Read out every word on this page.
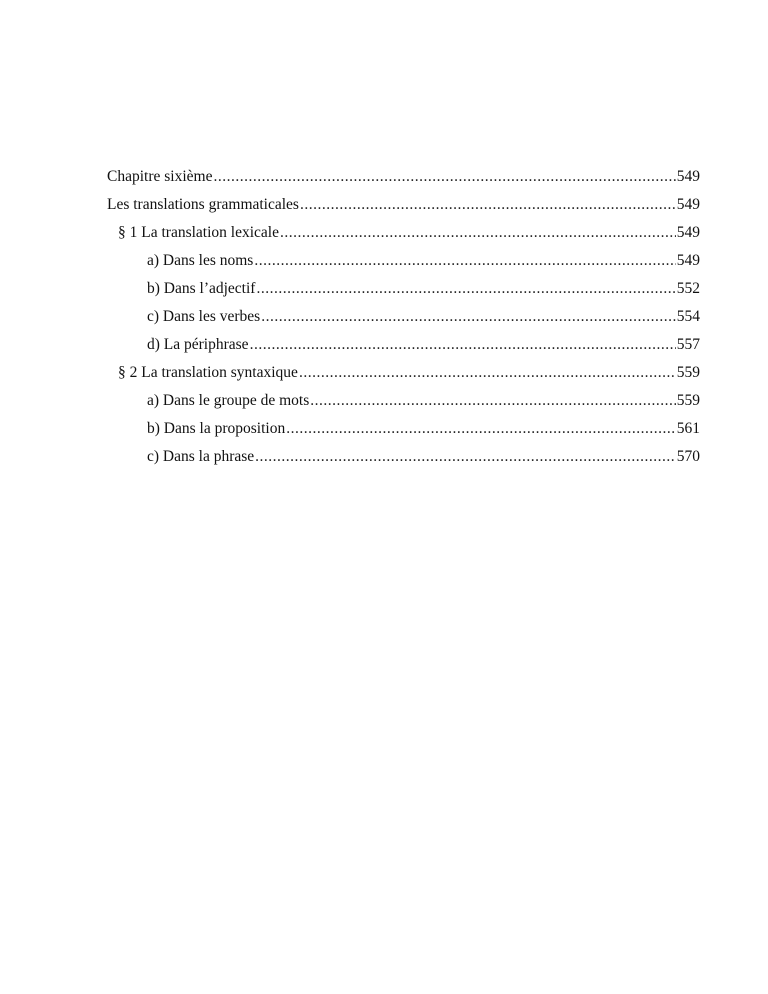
Chapitre sixième .....	549
Les translations grammaticales .....	549
§ 1 La translation lexicale .....	549
a) Dans les noms .....	549
b) Dans l’adjectif .....	552
c) Dans les verbes .....	554
d) La périphrase .....	557
§ 2 La translation syntaxique .....	559
a) Dans le groupe de mots .....	559
b) Dans la proposition .....	561
c) Dans la phrase .....	570
